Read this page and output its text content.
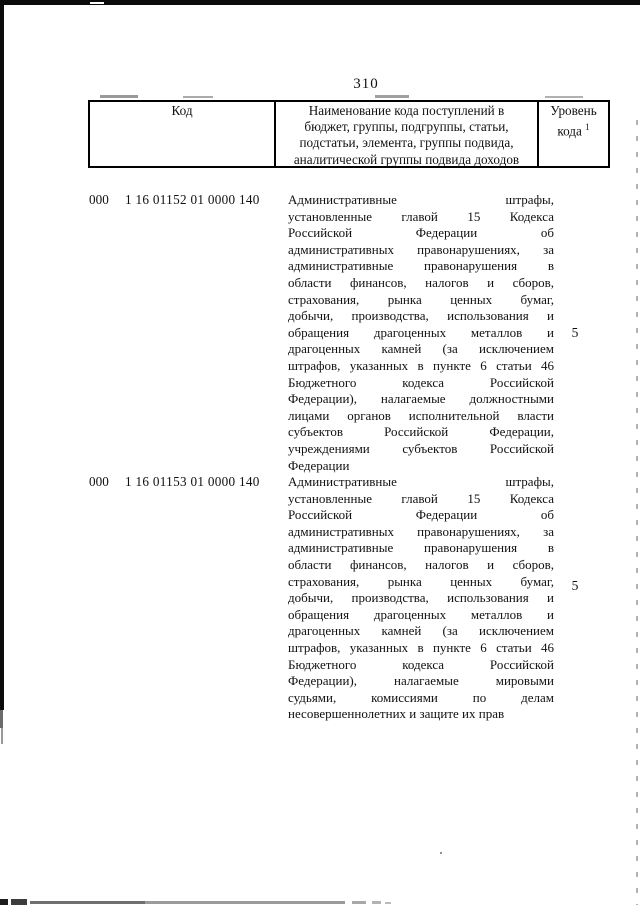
310
Код	Наименование кода поступлений в
бюджет, группы, подгруппы, статьи,
подстатьи, элемента, группы подвида,
аналитической группы подвида доходов
Уровень
кода $^1$
000 1 16 01152 01 0000 140 Административные штрафы,
установленные главой 15 Кодекса
Российской Федерации об
административных правонарушениях, за
административные правонарушения в
области финансов, налогов и сборов,
страхования, рынка ценных бумаг,
добычи, производства, использования и
обращения драгоценных металлов и
драгоценных камней (за исключением
штрафов, указанных в пункте 6 статьи 46
Бюджетного кодекса Российской
Федерации), налагаемые должностными
лицами органов исполнительной власти
субъектов Российской Федерации,
учреждениями субъектов Российской
Федерации
5
000 1 16 01153 01 0000 140 Административные штрафы,
установленные главой 15 Кодекса
Российской Федерации об
административных правонарушениях, за
административные правонарушения в
области финансов, налогов и сборов,
страхования, рынка ценных бумаг,
добычи, производства, использования и
обращения драгоценных металлов и
драгоценных камней (за исключением
штрафов, указанных в пункте 6 статьи 46
Бюджетного кодекса Российской
Федерации), налагаемые мировыми
судьями, комиссиями по делам
несовершеннолетних и защите их прав
5
